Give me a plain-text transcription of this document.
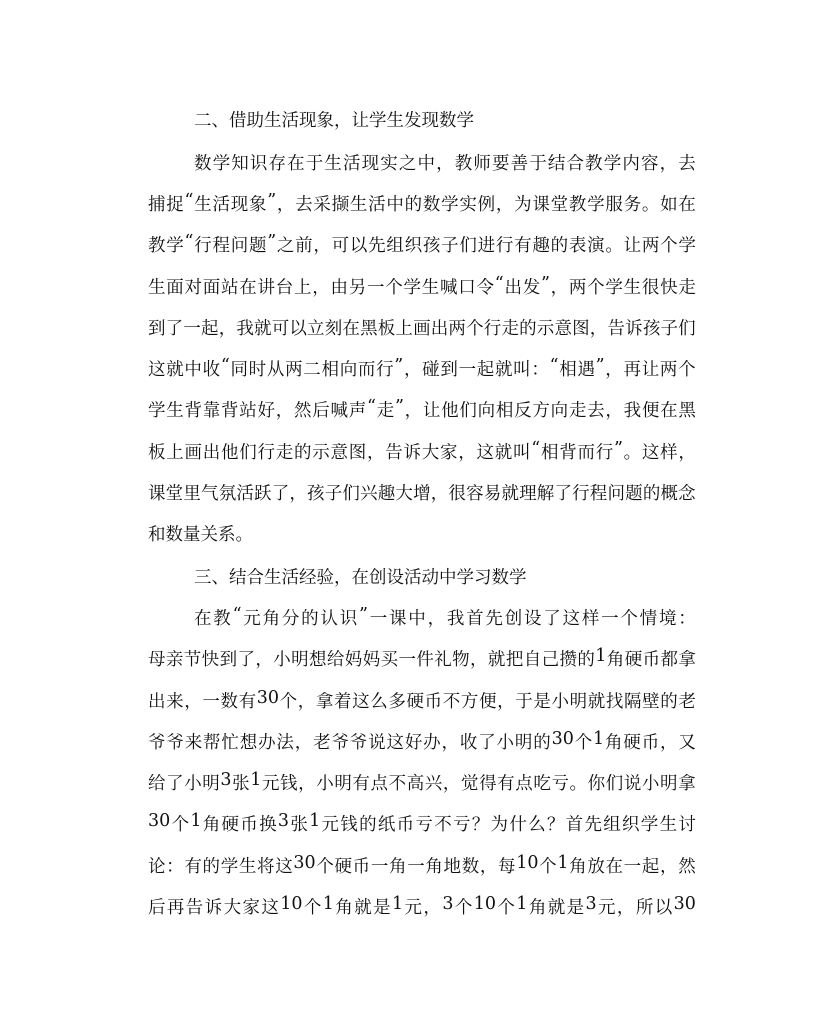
二、借助生活现象，让学生发现数学
数 学 知 识 存 在 于 生 活 现 实 之 中 ， 教 师 要 善 于 结 合 教 学 内 容 ， 去
捕 捉 “ 生 活 现 象 ” ， 去 采 撷 生 活 中 的 数 学 实 例 ， 为 课 堂 教 学 服 务 。 如 在
教 学 “ 行 程 问 题 ” 之 前 ， 可 以 先 组 织 孩 子 们 进 行 有 趣 的 表 演 。 让 两 个 学
生 面 对 面 站 在 讲 台 上 ， 由 另 一 个 学 生 喊 口 令 “ 出 发 ” ， 两 个 学 生 很 快 走
到 了 一 起 ， 我 就 可 以 立 刻 在 黑 板 上 画 出 两 个 行 走 的 示 意 图 ， 告 诉 孩 子 们
这 就 中 收 “ 同 时 从 两 二 相 向 而 行 ” ， 碰 到 一 起 就 叫 ： “ 相 遇 ” ， 再 让 两 个
学 生 背 靠 背 站 好 ， 然 后 喊 声 “ 走 ” ， 让 他 们 向 相 反 方 向 走 去 ， 我 便 在 黑
板 上 画 出 他 们 行 走 的 示 意 图 ， 告 诉 大 家 ， 这 就 叫 “ 相 背 而 行 ” 。 这 样 ，
课 堂 里 气 氛 活 跃 了 ， 孩 子 们 兴 趣 大 增 ， 很 容 易 就 理 解 了 行 程 问 题 的 概 念
和数量关系。
三、结合生活经验，在创设活动中学习数学
在 教 “ 元 角 分 的 认 识 ” 一 课 中 ， 我 首 先 创 设 了 这 样 一 个 情 境 ：
母 亲 节 快 到 了 ， 小 明 想 给 妈 妈 买 一 件 礼 物 ， 就 把 自 己 攒 的 1 角 硬 币 都 拿
出 来 ， 一 数 有 30 个 ， 拿 着 这 么 多 硬 币 不 方 便 ， 于 是 小 明 就 找 隔 壁 的 老
爷 爷 来 帮 忙 想 办 法 ， 老 爷 爷 说 这 好 办 ， 收 了 小 明 的 30 个 1 角 硬 币 ， 又
给 了 小 明 3 张 1 元 钱 ， 小 明 有 点 不 高 兴 ， 觉 得 有 点 吃 亏 。 你 们 说 小 明 拿
30 个 1 角 硬 币 换 3 张 1 元 钱 的 纸 币 亏 不 亏 ？ 为 什 么 ？ 首 先 组 织 学 生 讨
论 ： 有 的 学 生 将 这 30 个 硬 币 一 角 一 角 地 数 ， 每 10 个 1 角 放 在 一 起 ， 然
后 再 告 诉 大 家 这 10 个 1 角 就 是 1 元 ， 3 个 10 个 1 角 就 是 3 元 ， 所 以 30
